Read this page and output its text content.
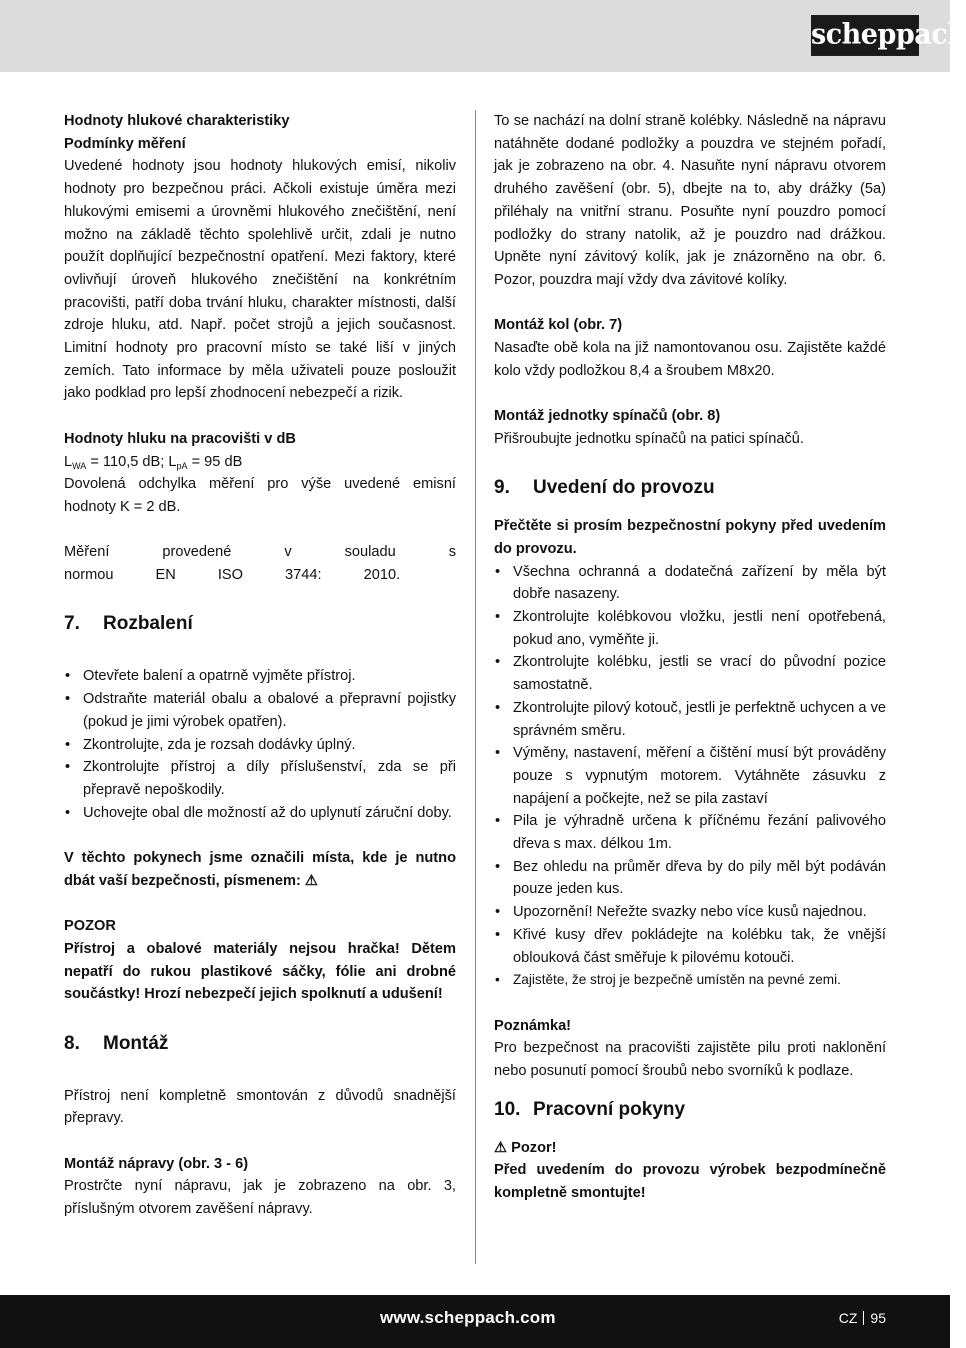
scheppach

Hodnoty hlukové charakteristiky

Podmínky měření

Uvedené hodnoty jsou hodnoty hlukových emisí, nikoliv hodnoty pro bezpečnou práci. Ačkoli existuje úměra mezi hlukovými emisemi a úrovněmi hlukového znečištění, není možno na základě těchto spolehlivě určit, zdali je nutno použít doplňující bezpečnostní opatření. Mezi faktory, které ovlivňují úroveň hlukového znečištění na konkrétním pracovišti, patří doba trvání hluku, charakter místnosti, další zdroje hluku, atd. Např. počet strojů a jejich současnost. Limitní hodnoty pro pracovní místo se také liší v jiných zemích. Tato informace by měla uživateli pouze posloužit jako podklad pro lepší zhodnocení nebezpečí a rizik.

Hodnoty hluku na pracovišti v dB

$L_{WA} = 110,5$ dB; $L_{pA} = 95$ dB

Dovolená odchylka měření pro výše uvedené emisní hodnoty K = 2 dB.

Měření provedené v souladu s normou EN ISO 3744: 2010.

7. Rozbalení
• Otevřete balení a opatrně vyjměte přístroj.
• Odstraňte materiál obalu a obalové a přepravní pojistky (pokud je jimi výrobek opatřen).
• Zkontrolujte, zda je rozsah dodávky úplný.
• Zkontrolujte přístroj a díly příslušenství, zda se při přepravě nepoškodily.
• Uchovejte obal dle možností až do uplynutí záruční doby.

V těchto pokynech jsme označili místa, kde je nutno dbát vaší bezpečnosti, písmenem: ⚠

POZOR

Přístroj a obalové materiály nejsou hračka! Dětem nepatří do rukou plastikové sáčky, fólie ani drobné součástky! Hrozí nebezpečí jejich spolknutí a udušení!

8. Montáž

Přístroj není kompletně smontován z důvodů snadnější přepravy.

Montáž nápravy (obr. 3 - 6)

Prostrčte nyní nápravu, jak je zobrazeno na obr. 3, příslušným otvorem zavěšení nápravy.

To se nachází na dolní straně kolébky. Následně na nápravu natáhněte dodané podložky a pouzdra ve stejném pořadí, jak je zobrazeno na obr. 4. Nasuňte nyní nápravu otvorem druhého zavěšení (obr. 5), dbejte na to, aby drážky (5a) přiléhaly na vnitřní stranu. Posuňte nyní pouzdro pomocí podložky do strany natolik, až je pouzdro nad drážkou. Upněte nyní závitový kolík, jak je znázorněno na obr. 6. Pozor, pouzdra mají vždy dva závitové kolíky.

Montáž kol (obr. 7)

Nasaďte obě kola na již namontovanou osu. Zajistěte každé kolo vždy podložkou 8,4 a šroubem M8x20.

Montáž jednotky spínačů (obr. 8)

Přišroubujte jednotku spínačů na patici spínačů.

9. Uvedení do provozu

Přečtěte si prosím bezpečnostní pokyny před uvedením do provozu.

• Všechna ochranná a dodatečná zařízení by měla být dobře nasazeny.
• Zkontrolujte kolébkovou vložku, jestli není opotřebená, pokud ano, vyměňte ji.
• Zkontrolujte kolébku, jestli se vrací do původní pozice samostatně.
• Zkontrolujte pilový kotouč, jestli je perfektně uchycen a ve správném směru.
• Výměny, nastavení, měření a čištění musí být prováděny pouze s vypnutým motorem. Vytáhněte zásuvku z napájení a počkejte, než se pila zastaví
• Pila je výhradně určena k příčnému řezání palivového dřeva s max. délkou 1m.
• Bez ohledu na průměr dřeva by do pily měl být podáván pouze jeden kus.
• Upozornění! Neřežte svazky nebo více kusů najednou.
• Křivé kusy dřev pokládejte na kolébku tak, že vnější oblouková část směřuje k pilovému kotouči.
• Zajistěte, že stroj je bezpečně umístěn na pevné zemi.

Poznámka!

Pro bezpečnost na pracovišti zajistěte pilu proti naklonění nebo posunutí pomocí šroubů nebo svorníků k podlaze.

10. Pracovní pokyny

⚠ Pozor!

Před uvedením do provozu výrobek bezpodmínečně kompletně smontujte!

www.scheppach.com	CZ 95
